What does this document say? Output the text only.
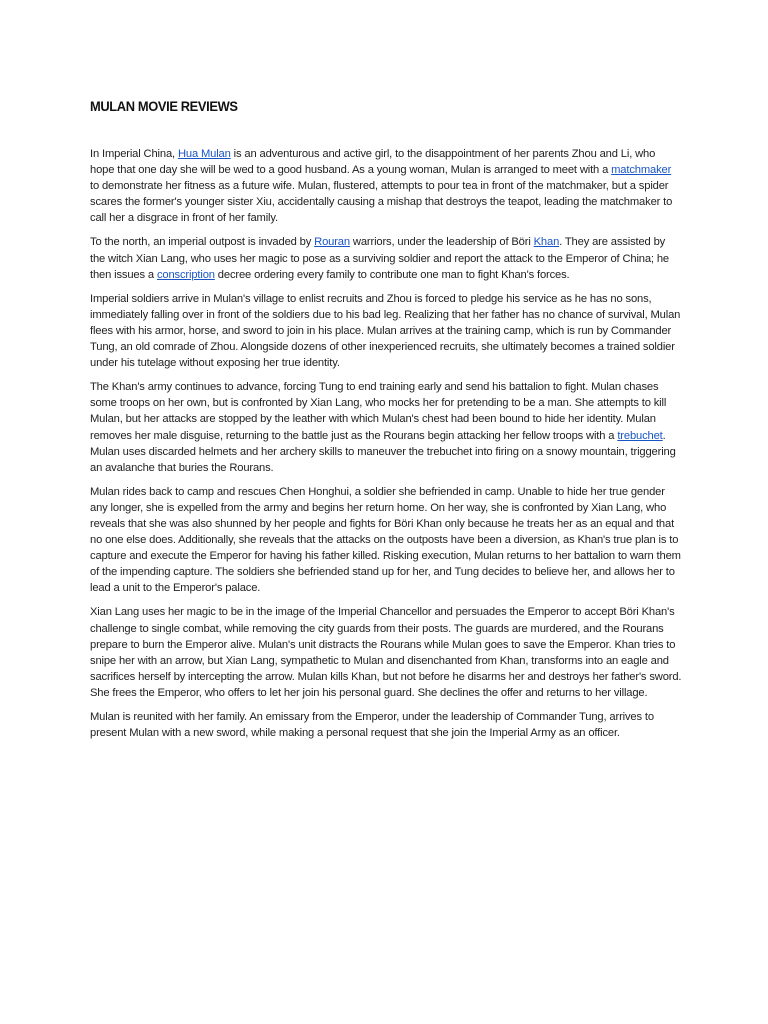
MULAN MOVIE REVIEWS

In Imperial China, Hua Mulan is an adventurous and active girl, to the disappointment of her parents Zhou and Li, who hope that one day she will be wed to a good husband. As a young woman, Mulan is arranged to meet with a matchmaker to demonstrate her fitness as a future wife. Mulan, flustered, attempts to pour tea in front of the matchmaker, but a spider scares the former's younger sister Xiu, accidentally causing a mishap that destroys the teapot, leading the matchmaker to call her a disgrace in front of her family.

To the north, an imperial outpost is invaded by Rouran warriors, under the leadership of Böri Khan. They are assisted by the witch Xian Lang, who uses her magic to pose as a surviving soldier and report the attack to the Emperor of China; he then issues a conscription decree ordering every family to contribute one man to fight Khan's forces.

Imperial soldiers arrive in Mulan's village to enlist recruits and Zhou is forced to pledge his service as he has no sons, immediately falling over in front of the soldiers due to his bad leg. Realizing that her father has no chance of survival, Mulan flees with his armor, horse, and sword to join in his place. Mulan arrives at the training camp, which is run by Commander Tung, an old comrade of Zhou. Alongside dozens of other inexperienced recruits, she ultimately becomes a trained soldier under his tutelage without exposing her true identity.

The Khan's army continues to advance, forcing Tung to end training early and send his battalion to fight. Mulan chases some troops on her own, but is confronted by Xian Lang, who mocks her for pretending to be a man. She attempts to kill Mulan, but her attacks are stopped by the leather with which Mulan's chest had been bound to hide her identity. Mulan removes her male disguise, returning to the battle just as the Rourans begin attacking her fellow troops with a trebuchet. Mulan uses discarded helmets and her archery skills to maneuver the trebuchet into firing on a snowy mountain, triggering an avalanche that buries the Rourans.

Mulan rides back to camp and rescues Chen Honghui, a soldier she befriended in camp. Unable to hide her true gender any longer, she is expelled from the army and begins her return home. On her way, she is confronted by Xian Lang, who reveals that she was also shunned by her people and fights for Böri Khan only because he treats her as an equal and that no one else does. Additionally, she reveals that the attacks on the outposts have been a diversion, as Khan's true plan is to capture and execute the Emperor for having his father killed. Risking execution, Mulan returns to her battalion to warn them of the impending capture. The soldiers she befriended stand up for her, and Tung decides to believe her, and allows her to lead a unit to the Emperor's palace.

Xian Lang uses her magic to be in the image of the Imperial Chancellor and persuades the Emperor to accept Böri Khan's challenge to single combat, while removing the city guards from their posts. The guards are murdered, and the Rourans prepare to burn the Emperor alive. Mulan's unit distracts the Rourans while Mulan goes to save the Emperor. Khan tries to snipe her with an arrow, but Xian Lang, sympathetic to Mulan and disenchanted from Khan, transforms into an eagle and sacrifices herself by intercepting the arrow. Mulan kills Khan, but not before he disarms her and destroys her father's sword. She frees the Emperor, who offers to let her join his personal guard. She declines the offer and returns to her village.

Mulan is reunited with her family. An emissary from the Emperor, under the leadership of Commander Tung, arrives to present Mulan with a new sword, while making a personal request that she join the Imperial Army as an officer.
